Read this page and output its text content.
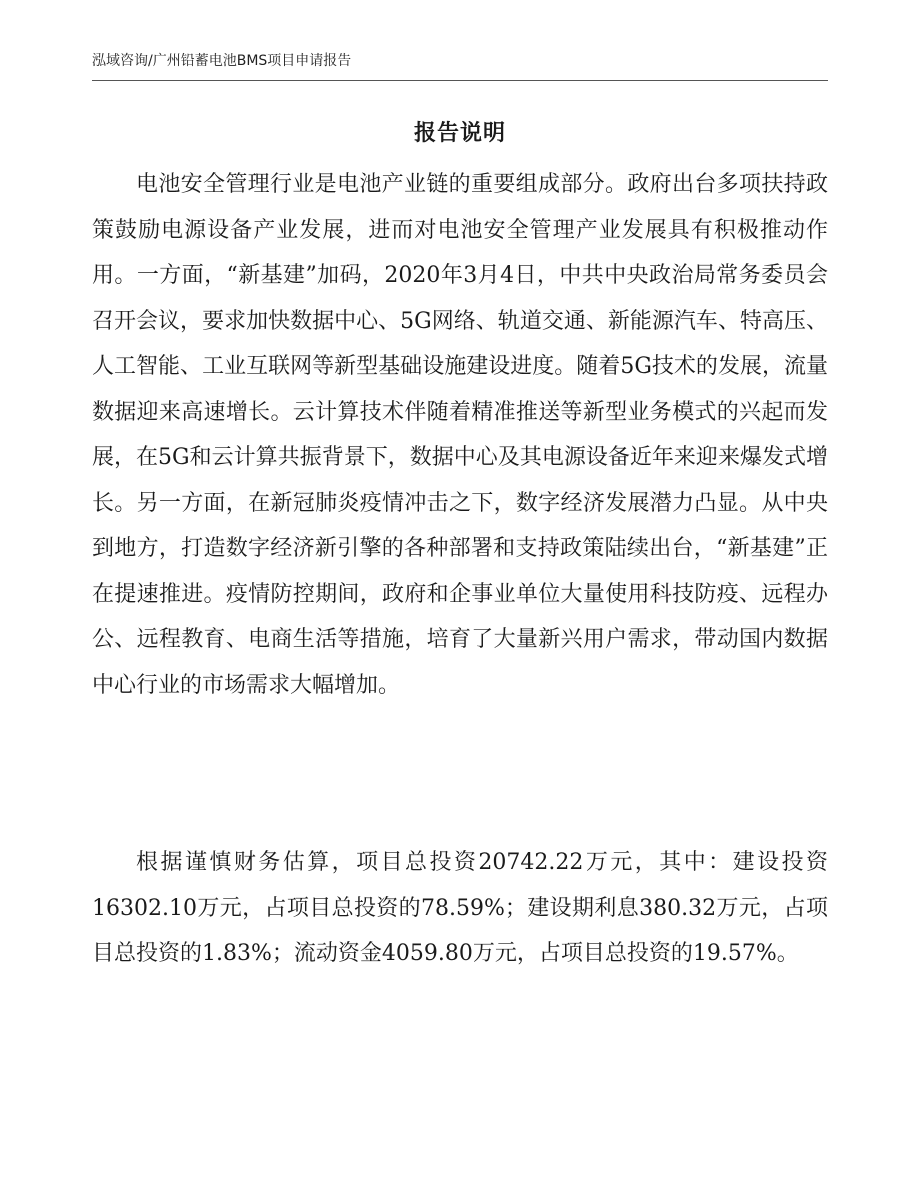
泓域咨询/广州铅蓄电池BMS项目申请报告
报告说明

电池安全管理行业是电池产业链的重要组成部分。政府出台多项扶持政策鼓励电源设备产业发展，进而对电池安全管理产业发展具有积极推动作用。一方面，“新基建”加码，2020年3月4日，中共中央政治局常务委员会召开会议，要求加快数据中心、5G网络、轨道交通、新能源汽车、特高压、人工智能、工业互联网等新型基础设施建设进度。随着5G技术的发展，流量数据迎来高速增长。云计算技术伴随着精准推送等新型业务模式的兴起而发展，在5G和云计算共振背景下，数据中心及其电源设备近年来迎来爆发式增长。另一方面，在新冠肺炎疫情冲击之下，数字经济发展潜力凸显。从中央到地方，打造数字经济新引擎的各种部署和支持政策陆续出台，“新基建”正在提速推进。疫情防控期间，政府和企事业单位大量使用科技防疫、远程办公、远程教育、电商生活等措施，培育了大量新兴用户需求，带动国内数据中心行业的市场需求大幅增加。

根据谨慎财务估算，项目总投资20742.22万元，其中：建设投资16302.10万元，占项目总投资的78.59%；建设期利息380.32万元，占项目总投资的1.83%；流动资金4059.80万元，占项目总投资的19.57%。
